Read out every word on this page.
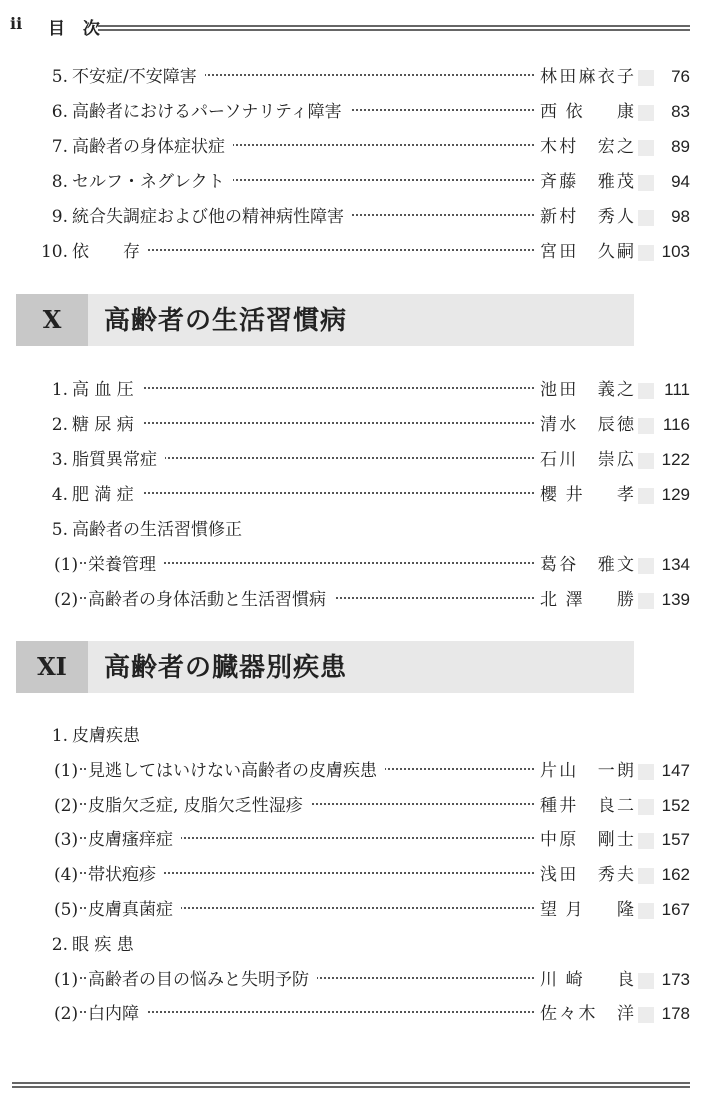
ii 目 次
5. 不安症/不安障害	林田麻衣子	76
6. 高齢者におけるパーソナリティ障害	西依　康	83
7. 高齢者の身体症状症	木村　宏之	89
8. セルフ・ネグレクト	斉藤　雅茂	94
9. 統合失調症および他の精神病性障害	新村　秀人	98
10. 依　　存	宮田　久嗣	103
X	高齢者の生活習慣病
1. 高 血 圧	池田　義之	111
2. 糖 尿 病	清水　辰徳	116
3. 脂質異常症	石川　崇広	122
4. 肥 満 症	櫻井　孝	129
5. 高齢者の生活習慣修正
(1) 栄養管理	葛谷　雅文	134
(2) 高齢者の身体活動と生活習慣病	北澤　勝	139
XI	高齢者の臓器別疾患
1. 皮膚疾患
(1) 見逃してはいけない高齢者の皮膚疾患	片山　一朗	147
(2) 皮脂欠乏症, 皮脂欠乏性湿疹	種井　良二	152
(3) 皮膚瘙痒症	中原　剛士	157
(4) 帯状疱疹	浅田　秀夫	162
(5) 皮膚真菌症	望月　隆	167
2. 眼 疾 患
(1) 高齢者の目の悩みと失明予防	川崎　良	173
(2) 白内障	佐々木　洋	178
